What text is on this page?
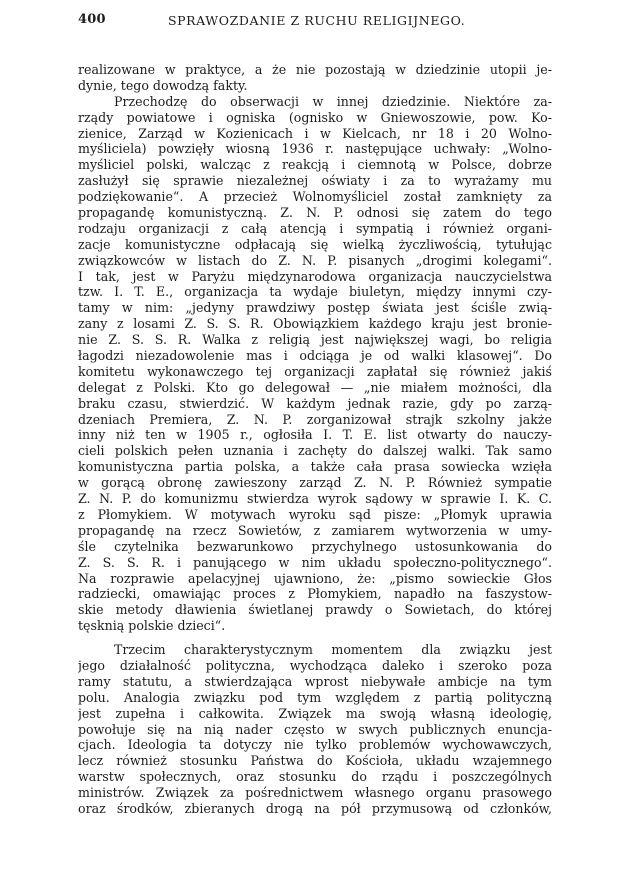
400	SPRAWOZDANIE Z RUCHU RELIGIJNEGO.
realizowane w praktyce, a że nie pozostają w dziedzinie utopii je-
dynie, tego dowodzą fakty.
Przechodzę do obserwacji w innej dziedzinie. Niektóre za-
rządy powiatowe i ogniska (ognisko w Gniewoszowie, pow. Ko-
zienice, Zarząd w Kozienicach i w Kielcach, nr 18 i 20 Wolno-
myśliciela) powzięły wiosną 1936 r. następujące uchwały: „Wolno-
myśliciel polski, walcząc z reakcją i ciemnotą w Polsce, dobrze
zasłużył się sprawie niezależnej oświaty i za to wyrażamy mu
podziękowanie“. A przecież Wolnomyśliciel został zamknięty za
propagandę komunistyczną. Z. N. P. odnosi się zatem do tego
rodzaju organizacji z całą atencją i sympatią i również organi-
zacje komunistyczne odpłacają się wielką życzliwością, tytułując
związkowców w listach do Z. N. P. pisanych „drogimi kolegami“.
I tak, jest w Paryżu międzynarodowa organizacja nauczycielstwa
tzw. I. T. E., organizacja ta wydaje biuletyn, między innymi czy-
tamy w nim: „jedyny prawdziwy postęp świata jest ściśle zwią-
zany z losami Z. S. S. R. Obowiązkiem każdego kraju jest bronie-
nie Z. S. S. R. Walka z religią jest największej wagi, bo religia
łagodzi niezadowolenie mas i odciąga je od walki klasowej“. Do
komitetu wykonawczego tej organizacji zapłatał się również jakiś
delegat z Polski. Kto go delegował — „nie miałem możności, dla
braku czasu, stwierdzić. W każdym jednak razie, gdy po zarzą-
dzeniach Premiera, Z. N. P. zorganizował strajk szkolny jakże
inny niż ten w 1905 r., ogłosiła I. T. E. list otwarty do nauczy-
cieli polskich pełen uznania i zachęty do dalszej walki. Tak samo
komunistyczna partia polska, a także cała prasa sowiecka wzięła
w gorącą obronę zawieszony zarząd Z. N. P. Również sympatie
Z. N. P. do komunizmu stwierdza wyrok sądowy w sprawie I. K. C.
z Płomykiem. W motywach wyroku sąd pisze: „Płomyk uprawia
propagandę na rzecz Sowietów, z zamiarem wytworzenia w umy-
śle czytelnika bezwarunkowo przychylnego ustosunkowania do
Z. S. S. R. i panującego w nim układu społeczno-politycznego“.
Na rozprawie apelacyjnej ujawniono, że: „pismo sowieckie Głos
radziecki, omawiając proces z Płomykiem, napadło na faszystow-
skie metody dławienia świetlanej prawdy o Sowietach, do której
tęsknią polskie dzieci“.
Trzecim charakterystycznym momentem dla związku jest
jego działalność polityczna, wychodząca daleko i szeroko poza
ramy statutu, a stwierdzająca wprost niebywałe ambicje na tym
polu. Analogia związku pod tym względem z partią polityczną
jest zupełna i całkowita. Związek ma swoją własną ideologię,
powołuje się na nią nader często w swych publicznych enuncja-
cjach. Ideologia ta dotyczy nie tylko problemów wychowawczych,
lecz również stosunku Państwa do Kościoła, układu wzajemnego
warstw społecznych, oraz stosunku do rządu i poszczególnych
ministrów. Związek za pośrednictwem własnego organu prasowego
oraz środków, zbieranych drogą na pół przymusową od członków,
